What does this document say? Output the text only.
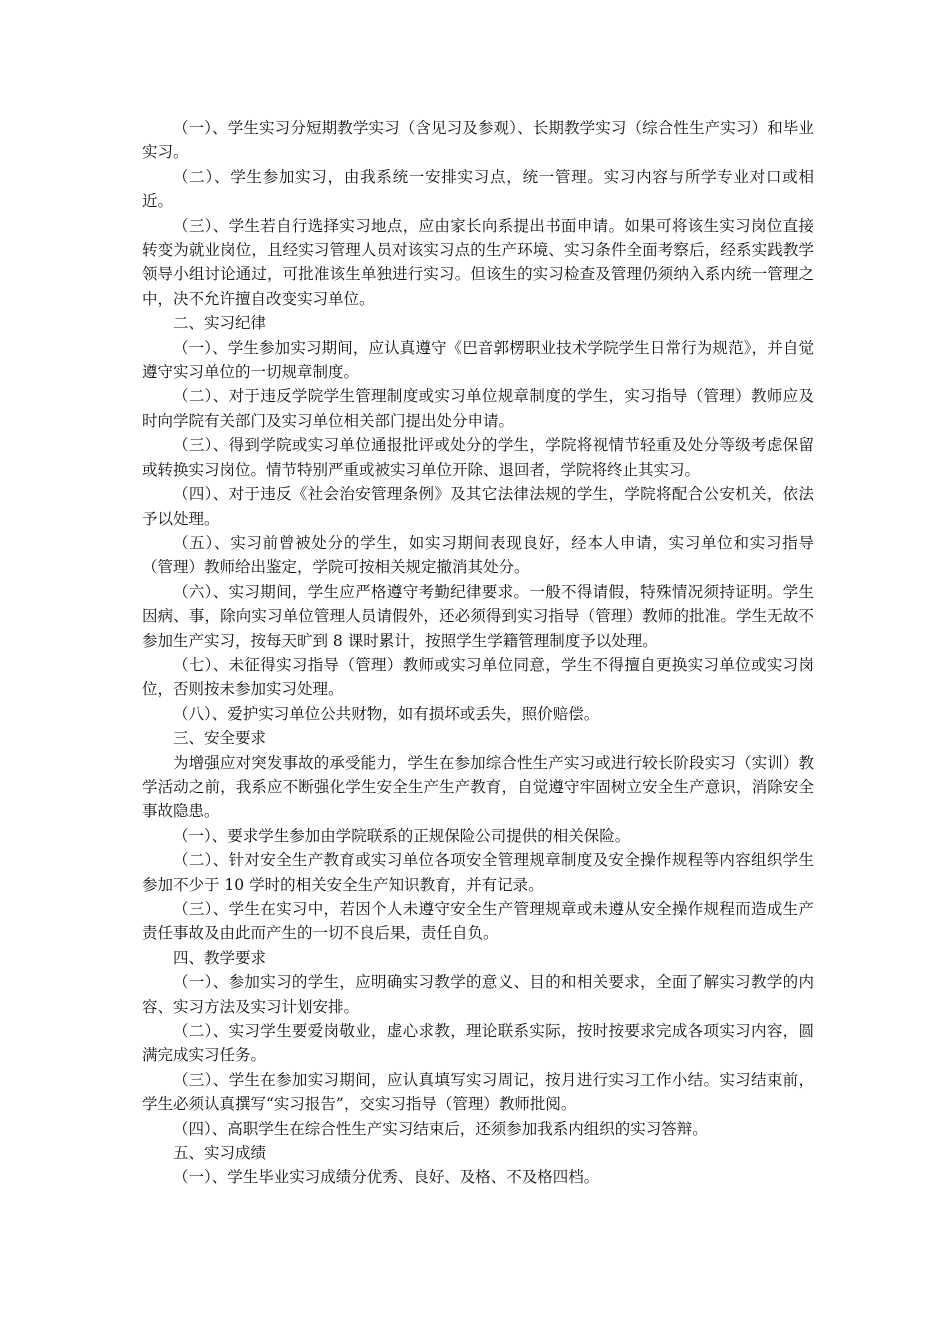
（一）、学生实习分短期教学实习（含见习及参观）、长期教学实习（综合性生产实习）和毕业实习。

（二）、学生参加实习，由我系统一安排实习点，统一管理。实习内容与所学专业对口或相近。

（三）、学生若自行选择实习地点，应由家长向系提出书面申请。如果可将该生实习岗位直接转变为就业岗位，且经实习管理人员对该实习点的生产环境、实习条件全面考察后，经系实践教学领导小组讨论通过，可批准该生单独进行实习。但该生的实习检查及管理仍须纳入系内统一管理之中，决不允许擅自改变实习单位。

二、实习纪律

（一）、学生参加实习期间，应认真遵守《巴音郭楞职业技术学院学生日常行为规范》，并自觉遵守实习单位的一切规章制度。

（二）、对于违反学院学生管理制度或实习单位规章制度的学生，实习指导（管理）教师应及时向学院有关部门及实习单位相关部门提出处分申请。

（三）、得到学院或实习单位通报批评或处分的学生，学院将视情节轻重及处分等级考虑保留或转换实习岗位。情节特别严重或被实习单位开除、退回者，学院将终止其实习。

（四）、对于违反《社会治安管理条例》及其它法律法规的学生，学院将配合公安机关，依法予以处理。

（五）、实习前曾被处分的学生，如实习期间表现良好，经本人申请，实习单位和实习指导（管理）教师给出鉴定，学院可按相关规定撤消其处分。

（六）、实习期间，学生应严格遵守考勤纪律要求。一般不得请假，特殊情况须持证明。学生因病、事，除向实习单位管理人员请假外，还必须得到实习指导（管理）教师的批准。学生无故不参加生产实习，按每天旷到 8 课时累计，按照学生学籍管理制度予以处理。

（七）、未征得实习指导（管理）教师或实习单位同意，学生不得擅自更换实习单位或实习岗位，否则按未参加实习处理。

（八）、爱护实习单位公共财物，如有损坏或丢失，照价赔偿。

三、安全要求

为增强应对突发事故的承受能力，学生在参加综合性生产实习或进行较长阶段实习（实训）教学活动之前，我系应不断强化学生安全生产生产教育，自觉遵守牢固树立安全生产意识，消除安全事故隐患。

（一）、要求学生参加由学院联系的正规保险公司提供的相关保险。

（二）、针对安全生产教育或实习单位各项安全管理规章制度及安全操作规程等内容组织学生参加不少于 10 学时的相关安全生产知识教育，并有记录。

（三）、学生在实习中，若因个人未遵守安全生产管理规章或未遵从安全操作规程而造成生产责任事故及由此而产生的一切不良后果，责任自负。

四、教学要求

（一）、参加实习的学生，应明确实习教学的意义、目的和相关要求，全面了解实习教学的内容、实习方法及实习计划安排。

（二）、实习学生要爱岗敬业，虚心求教，理论联系实际，按时按要求完成各项实习内容，圆满完成实习任务。

（三）、学生在参加实习期间，应认真填写实习周记，按月进行实习工作小结。实习结束前，学生必须认真撰写“实习报告”，交实习指导（管理）教师批阅。

（四）、高职学生在综合性生产实习结束后，还须参加我系内组织的实习答辩。

五、实习成绩

（一）、学生毕业实习成绩分优秀、良好、及格、不及格四档。
